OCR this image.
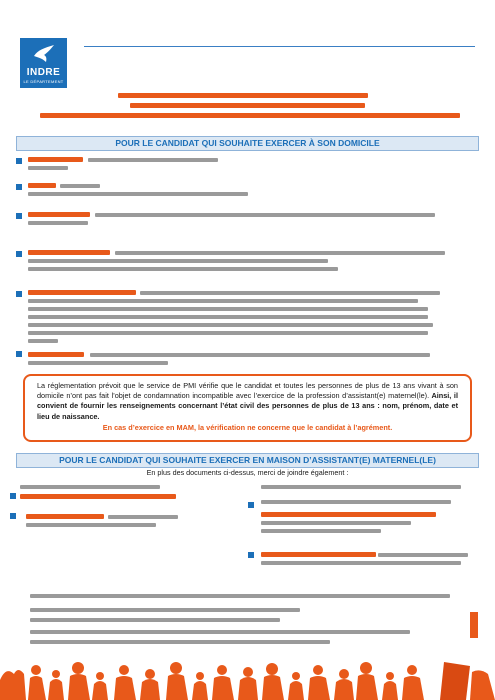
INDRE
LE DÉPARTEMENT
POUR LE CANDIDAT QUI SOUHAITE EXERCER À SON DOMICILE
La réglementation prévoit que le service de PMI vérifie que le candidat et toutes les personnes de plus de 13 ans vivant à son domicile n’ont pas fait l’objet de condamnation incompatible avec l’exercice de la profession d’assistant(e) maternel(le). Ainsi, il convient de fournir les renseignements concernant l’état civil des personnes de plus de 13 ans : nom, prénom, date et lieu de naissance.
En cas d’exercice en MAM, la vérification ne concerne que le candidat à l’agrément.
POUR LE CANDIDAT QUI SOUHAITE EXERCER EN MAISON D’ASSISTANT(E) MATERNEL(LE)
En plus des documents ci-dessus, merci de joindre également :
